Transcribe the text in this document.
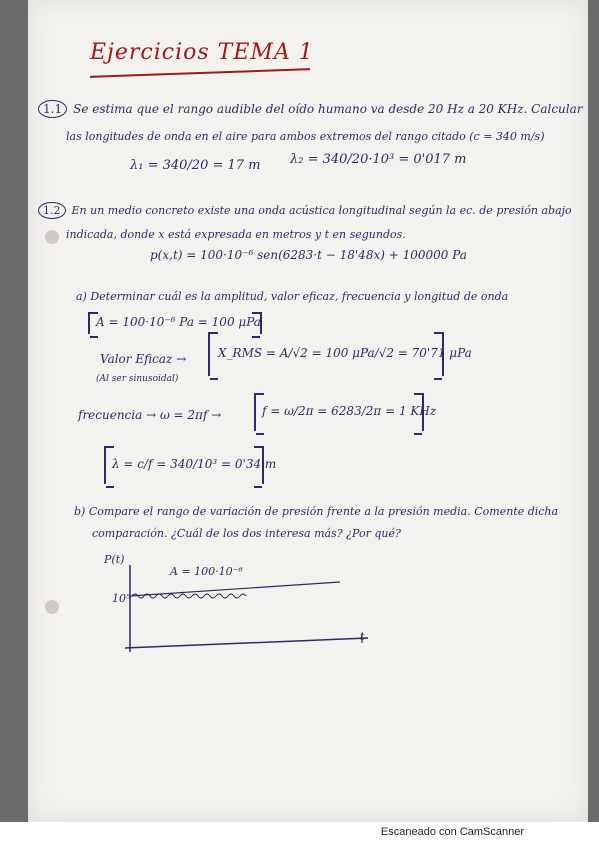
Ejercicios TEMA 1
1.1 Se estima que el rango audible del oído humano va desde 20 Hz a 20 KHz. Calcular
las longitudes de onda en el aire para ambos extremos del rango citado (c = 340 m/s)
λ₁ = 340/20 = 17 m λ₂ = 340/20·10³ = 0'017 m
1.2 En un medio concreto existe una onda acústica longitudinal según la ec. de presión abajo
indicada, donde x está expresada en metros y t en segundos.
p(x,t) = 100·10⁻⁶ sen(6283·t − 18'48x) + 100000 Pa
a) Determinar cuál es la amplitud, valor eficaz, frecuencia y longitud de onda
A = 100·10⁻⁶ Pa = 100 μPa
Valor Eficaz →
(Al ser sinusoidal)
X_RMS = A/√2 = 100 μPa/√2 = 70'71 μPa
frecuencia → ω = 2πf →	f = ω/2π = 6283/2π = 1 KHz
λ = c/f = 340/10³ = 0'34 m
b) Compare el rango de variación de presión frente a la presión media. Comente dicha
comparación. ¿Cuál de los dos interesa más? ¿Por qué?
P(t)
A = 100·10⁻⁶
10⁵
t
Escaneado con CamScanner
